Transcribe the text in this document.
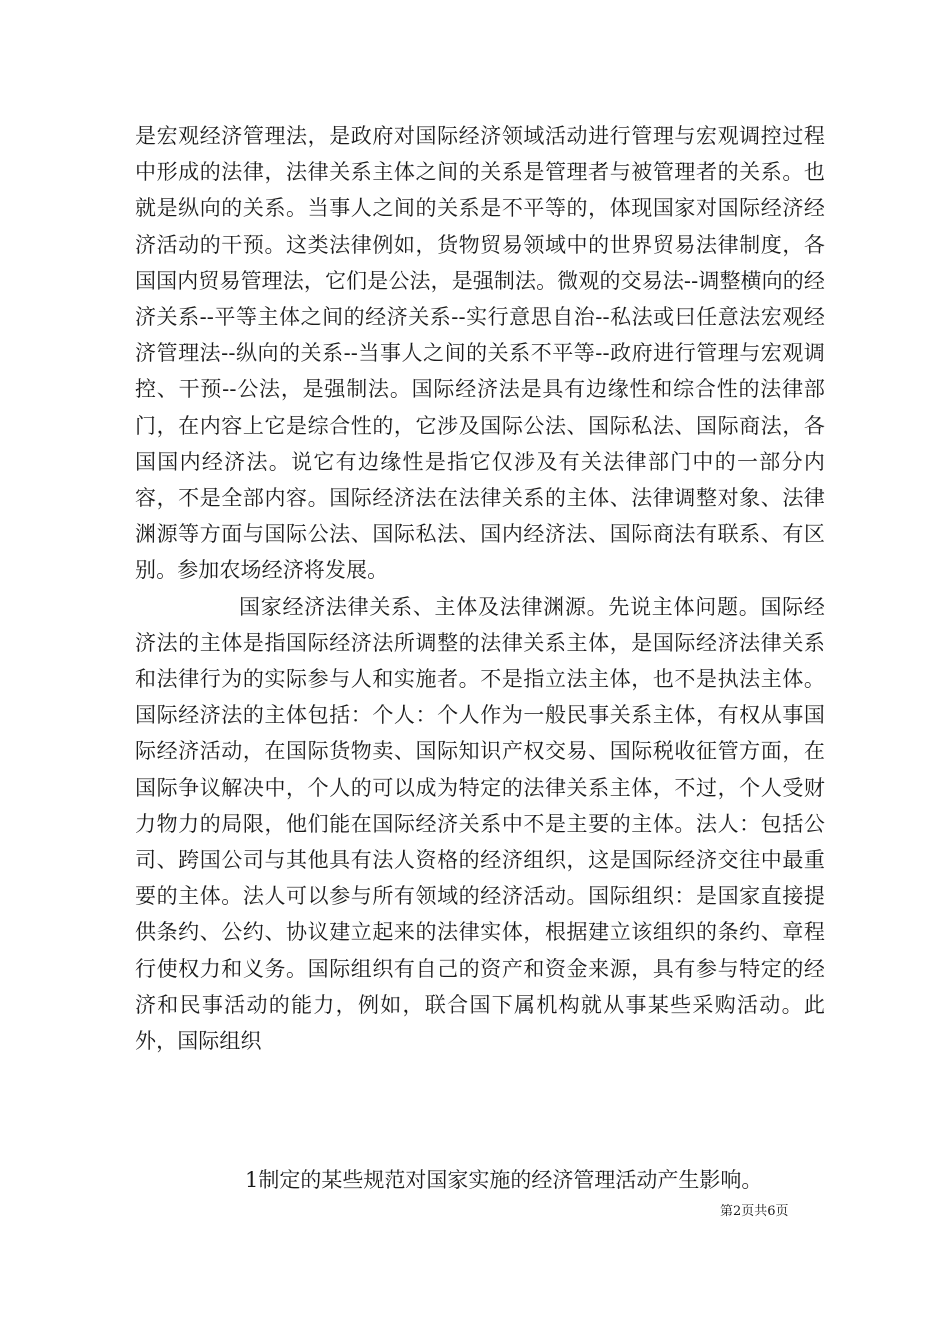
是宏观经济管理法，是政府对国际经济领域活动进行管理与宏观调控过程中形成的法律，法律关系主体之间的关系是管理者与被管理者的关系。也就是纵向的关系。当事人之间的关系是不平等的，体现国家对国际经济经济活动的干预。这类法律例如，货物贸易领域中的世界贸易法律制度，各国国内贸易管理法，它们是公法，是强制法。微观的交易法--调整横向的经济关系--平等主体之间的经济关系--实行意思自治--私法或曰任意法宏观经济管理法--纵向的关系--当事人之间的关系不平等--政府进行管理与宏观调控、干预--公法，是强制法。国际经济法是具有边缘性和综合性的法律部门，在内容上它是综合性的，它涉及国际公法、国际私法、国际商法，各国国内经济法。说它有边缘性是指它仅涉及有关法律部门中的一部分内容，不是全部内容。国际经济法在法律关系的主体、法律调整对象、法律渊源等方面与国际公法、国际私法、国内经济法、国际商法有联系、有区别。参加农场经济将发展。

国家经济法律关系、主体及法律渊源。先说主体问题。国际经济法的主体是指国际经济法所调整的法律关系主体，是国际经济法律关系和法律行为的实际参与人和实施者。不是指立法主体，也不是执法主体。国际经济法的主体包括：个人：个人作为一般民事关系主体，有权从事国际经济活动，在国际货物卖、国际知识产权交易、国际税收征管方面，在国际争议解决中，个人的可以成为特定的法律关系主体，不过，个人受财力物力的局限，他们能在国际经济关系中不是主要的主体。法人：包括公司、跨国公司与其他具有法人资格的经济组织，这是国际经济交往中最重要的主体。法人可以参与所有领域的经济活动。国际组织：是国家直接提供条约、公约、协议建立起来的法律实体，根据建立该组织的条约、章程行使权力和义务。国际组织有自己的资产和资金来源，具有参与特定的经济和民事活动的能力，例如，联合国下属机构就从事某些采购活动。此外，国际组织

1制定的某些规范对国家实施的经济管理活动产生影响。
第2页共6页
